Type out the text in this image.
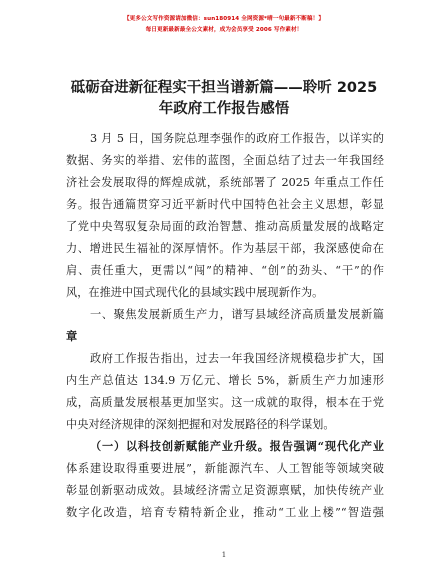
【更多公文写作资源请加微信：sun180914 全网资源*晴一句最新不断稿！】
每日更新最新最全公文素材，成为会员享受 2006 写作素材！
砥砺奋进新征程实干担当谱新篇——聆听 2025
年政府工作报告感悟
3 月 5 日，国务院总理李强作的政府工作报告，以详实的
数据、务实的举措、宏伟的蓝图，全面总结了过去一年我国经
济社会发展取得的辉煌成就，系统部署了 2025 年重点工作任
务。报告通篇贯穿习近平新时代中国特色社会主义思想，彰显
了党中央驾驭复杂局面的政治智慧、推动高质量发展的战略定
力、增进民生福祉的深厚情怀。作为基层干部，我深感使命在
肩、责任重大，更需以“闯”的精神、“创”的劲头、“干”的作
风，在推进中国式现代化的县域实践中展现新作为。
一、聚焦发展新质生产力，谱写县域经济高质量发展新篇
章
政府工作报告指出，过去一年我国经济规模稳步扩大，国
内生产总值达 134.9 万亿元、增长 5%，新质生产力加速形
成，高质量发展根基更加坚实。这一成就的取得，根本在于党
中央对经济规律的深刻把握和对发展路径的科学谋划。
（一）以科技创新赋能产业升级。报告强调“现代化产业
体系建设取得重要进展”，新能源汽车、人工智能等领域突破
彰显创新驱动成效。县域经济需立足资源禀赋，加快传统产业
数字化改造，培育专精特新企业，推动“工业上楼”“智造强
1
